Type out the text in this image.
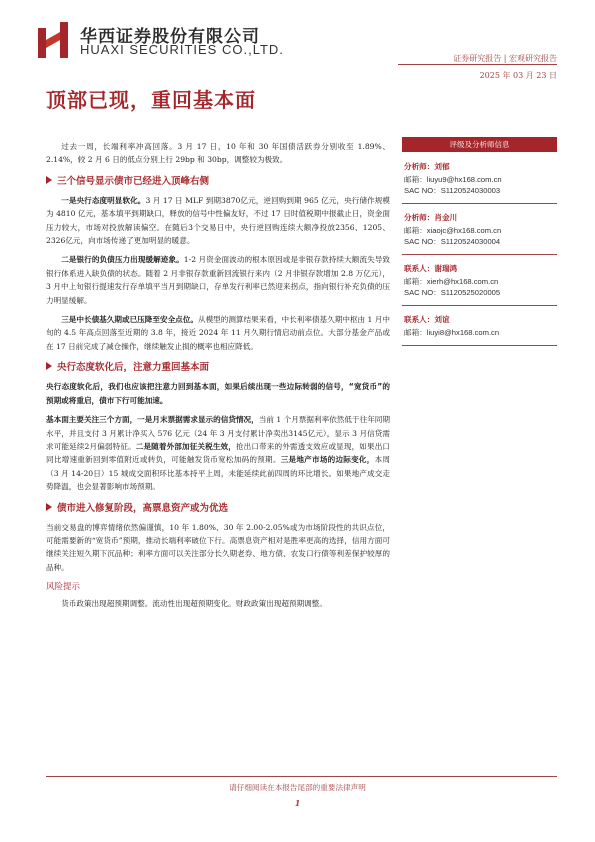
华西证券股份有限公司
HUAXI SECURITIES CO.,LTD.
证券研究报告 | 宏观研究报告
2025 年 03 月 23 日
顶部已现，重回基本面

过去一周，长端利率冲高回落。3 月 17 日，10 年和 30 年国债活跃券分别收至 1.89%、2.14%，较 2 月 6 日的低点分别上行 29bp 和 30bp，调整较为极致。

三个信号显示债市已经进入顶峰右侧

一是央行态度明显软化。3 月 17 日 MLF 到期3870亿元，逆回购到期 965 亿元，央行储作规模为 4810 亿元，基本填平到期缺口，释放的信号中性偏友好，不过 17 日时值税期中报截止日，资金面压力较大，市场对投放解读偏空。在随后3个交易日中，央行逆回购连续大额净投放2356、1205、2326亿元，向市场传递了更加明显的暖意。

二是银行的负债压力出现缓解迹象。1-2 月资金面波动的根本原因或是非银存款持续大额流失导致银行体系进入缺负债的状态。随着 2 月非银存款重新回流银行来内（2 月非银存款增加 2.8 万亿元），3 月中上旬银行提速发行存单填平当月到期缺口，存单发行利率已然迎来拐点，指向银行补充负债的压力明显缓解。

三是中长债基久期或已压降至安全点位。从模型的测算结果来看，中长利率债基久期中枢由 1 月中旬的 4.5 年高点回落至近期的 3.8 年，接近 2024 年 11 月久期行情启动前点位。大部分基金产品或在 17 日前完成了减仓操作，继续触发止损的概率也相应降低。

央行态度软化后，注意力重回基本面

央行态度软化后，我们也应该把注意力回到基本面，如果后续出现一些边际转弱的信号，“宽货币”的预期或将重启，债市下行可能加速。

基本面主要关注三个方面，一是月末票据需求显示的信贷情况，当前 1 个月票据利率依然低于往年同期水平，并且支付 3 月累计净买入 576 亿元（24 年 3 月支付累计净卖出3145亿元），显示 3 月信贷需求可能延续2月偏弱特征。二是随着外部加征关税生效，抢出口带来的外需透支效应或显现，如果出口同比增速重新回到零值附近或转负，可能触发货币宽松加码的预期。三是地产市场的边际变化，本周（3 月 14-20日）15 城成交面积环比基本持平上周，未能延续此前四周的环比增长。如果地产成交走势降温，也会显著影响市场预期。

债市进入修复阶段，高票息资产或为优选

当前交易盘的博弈情绪依然偏谨慎，10 年 1.80%、30 年 2.00-2.05%或为市场阶段性的共识点位，可能需要新的“宽货币”预期，推动长端利率破位下行。高票息资产相对是胜率更高的选择，信用方面可继续关注短久期下沉品种；利率方面可以关注部分长久期老券、地方债、农发口行债等利差保护较厚的品种。

风险提示

货币政策出现超预期调整。流动性出现超预期变化。财政政策出现超预期调整。

评级及分析师信息
分析师：刘郁
邮箱：liuyu9@hx168.com.cn
SAC NO：S1120524030003
分析师：肖金川
邮箱：xiaojc@hx168.com.cn
SAC NO：S1120524030004
联系人：谢瑞鸿
邮箱：xierh@hx168.com.cn
SAC NO：S1120525020005
联系人：刘谊
邮箱：liuyi8@hx168.com.cn
请仔细阅读在本报告尾部的重要法律声明
1
